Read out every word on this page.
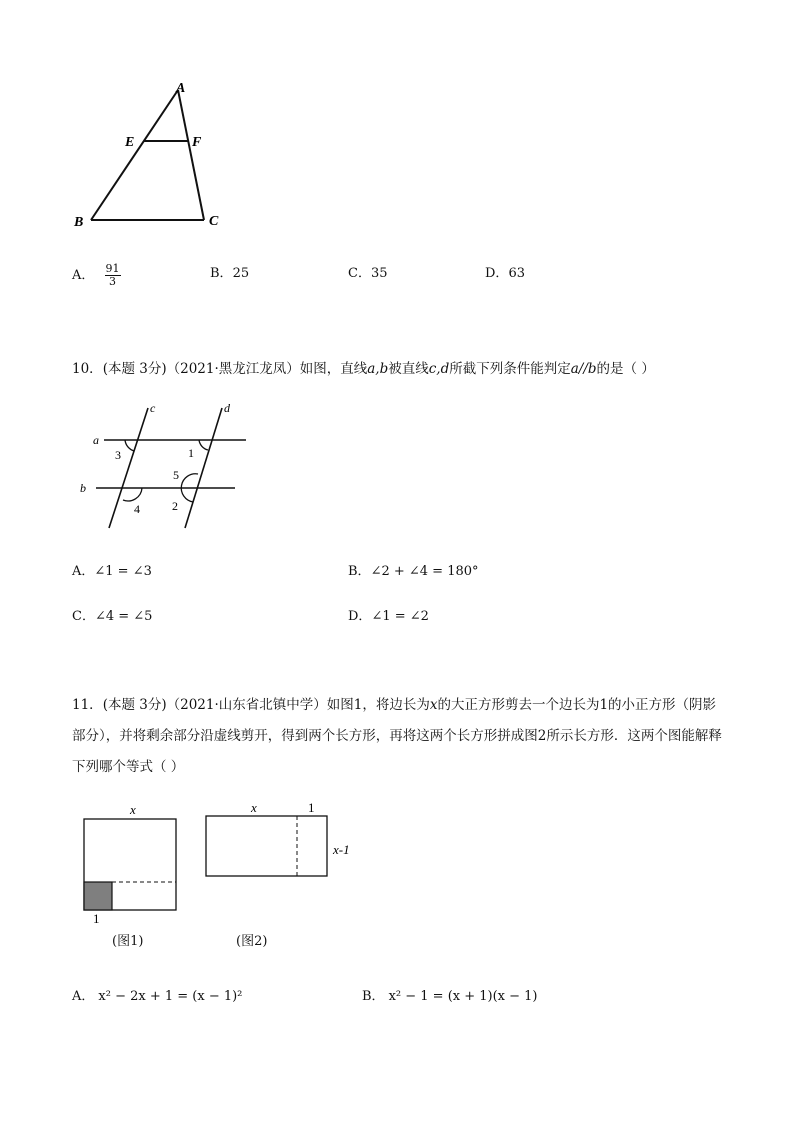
A
E	F
B	C
A． $\frac{91}{3}$	B．25	C．35	D．63
10．(本题 3分)（2021·黑龙江龙凤）如图，直线a,b被直线c,d所截下列条件能判定a//b的是（ ）
c	d
a
b
3	1
5
2
4
A．∠1 = ∠3	B．∠2 + ∠4 = 180°
C．∠4 = ∠5	D．∠1 = ∠2
11．(本题 3分)（2021·山东省北镇中学）如图1，将边长为x的大正方形剪去一个边长为1的小正方形（阴影部分），并将剩余部分沿虚线剪开，得到两个长方形，再将这两个长方形拼成图2所示长方形．这两个图能解释下列哪个等式（ ）
x
1
(图1)
x	1
x-1
(图2)
A． x² − 2x + 1 = (x − 1)²	B． x² − 1 = (x + 1)(x − 1)
